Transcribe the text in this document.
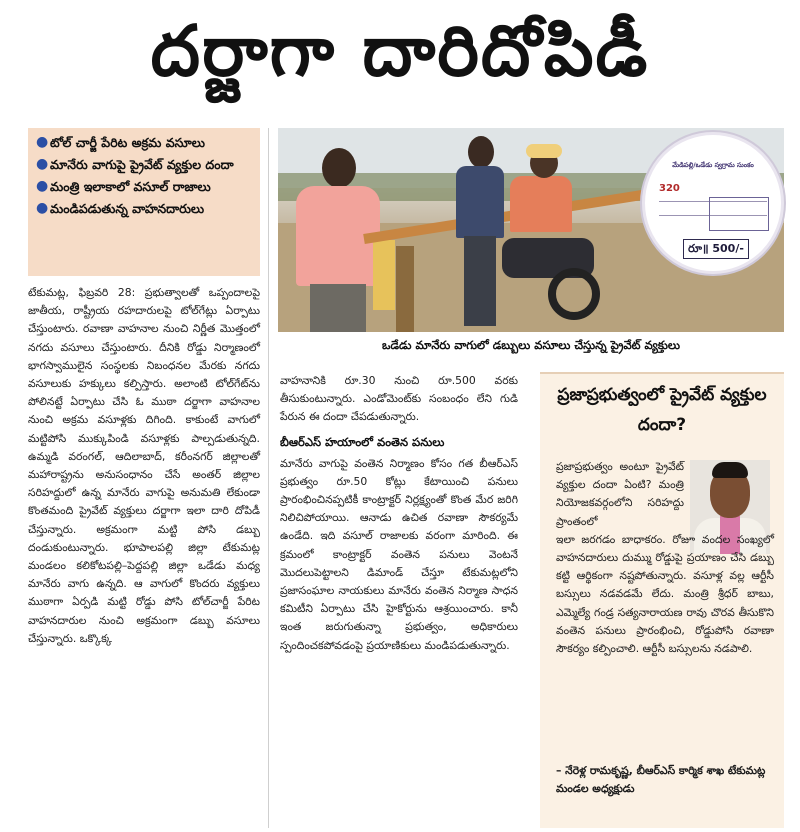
దర్జాగా దారిదోపిడీ
● టోల్ చార్జీ పేరిట అక్రమ వసూలు
● మానేరు వాగుపై ప్రైవేట్ వ్యక్తుల దందా
● మంత్రి ఇలాకాలో వసూల్ రాజాలు
● మండిపడుతున్న వాహనదారులు
మేడిపల్లి/ఒడేడు స్వగ్రామ సుంకం
320
రూ॥ 500/-
ఒడేడు మానేరు వాగులో డబ్బులు వసూలు చేస్తున్న ప్రైవేట్ వ్యక్తులు

టేకుమట్ల, ఫిబ్రవరి 28: ప్రభుత్వాలతో ఒప్పందాలపై జాతీయ, రాష్ట్రీయ రహదారులపై టోల్‌గేట్లు ఏర్పాటు చేస్తుంటారు. రవాణా వాహనాల నుంచి నిర్ణీత మొత్తంలో నగదు వసూలు చేస్తుంటారు. దీనికి రోడ్డు నిర్మాణంలో భాగస్వాములైన సంస్థలకు నిబంధనల మేరకు నగదు వసూలుకు హక్కులు కల్పిస్తారు. అలాంటి టోల్‌గేట్‌ను పోలినట్టే ఏర్పాటు చేసి ఓ ముఠా దర్జాగా వాహనాల నుంచి అక్రమ వసూళ్లకు దిగింది. కాకుంటే వాగులో మట్టిపోసి ముక్కుపిండి వసూళ్లకు పాల్పడుతున్నది. ఉమ్మడి వరంగల్, ఆదిలాబాద్, కరీంనగర్ జిల్లాలతో మహారాష్ట్రను అనుసంధానం చేసే అంతర్ జిల్లాల సరిహద్దులో ఉన్న మానేరు వాగుపై అనుమతి లేకుండా కొంతమంది ప్రైవేట్ వ్యక్తులు దర్జాగా ఇలా దారి దోపిడీ చేస్తున్నారు. అక్రమంగా మట్టి పోసి డబ్బు దండుకుంటున్నారు. భూపాలపల్లి జిల్లా టేకుమట్ల మండలం కలికోటపల్లి–పెద్దపల్లి జిల్లా ఒడేడు మధ్య మానేరు వాగు ఉన్నది. ఆ వాగులో కొందరు వ్యక్తులు ముఠాగా ఏర్పడి మట్టి రోడ్డు పోసి టోల్‌చార్జీ పేరిట వాహనదారుల నుంచి అక్రమంగా డబ్బు వసూలు చేస్తున్నారు. ఒక్కొక్క

వాహనానికి రూ.30 నుంచి రూ.500 వరకు తీసుకుంటున్నారు. ఎండోమెంట్‌కు సంబంధం లేని గుడి పేరున ఈ దందా చేపడుతున్నారు.

బీఆర్‌ఎస్ హయాంలో వంతెన పనులు

మానేరు వాగుపై వంతెన నిర్మాణం కోసం గత బీఆర్‌ఎస్ ప్రభుత్వం రూ.50 కోట్లు కేటాయించి పనులు ప్రారంభించినప్పటికీ కాంట్రాక్టర్ నిర్లక్ష్యంతో కొంత మేర జరిగి నిలిచిపోయాయి. ఆనాడు ఉచిత రవాణా సౌకర్యమే ఉండేది. ఇది వసూల్ రాజాలకు వరంగా మారింది. ఈ క్రమంలో కాంట్రాక్టర్ వంతెన పనులు వెంటనే మొదలుపెట్టాలని డిమాండ్ చేస్తూ టేకుమట్లలోని ప్రజాసంఘాల నాయకులు మానేరు వంతెన నిర్మాణ సాధన కమిటీని ఏర్పాటు చేసి హైకోర్టును ఆశ్రయించారు. కానీ ఇంత జరుగుతున్నా ప్రభుత్వం, అధికారులు స్పందించకపోవడంపై ప్రయాణికులు మండిపడుతున్నారు.

ప్రజాప్రభుత్వంలో ప్రైవేట్ వ్యక్తుల దందా?
ప్రజాప్రభుత్వం అంటూ ప్రైవేట్ వ్యక్తుల దందా ఏంటి? మంత్రి నియోజకవర్గంలోని సరిహద్దు ప్రాంతంలో
ఇలా జరగడం బాధాకరం. రోజూ వందల సంఖ్యలో వాహనదారులు దుమ్ము రోడ్డుపై ప్రయాణం చేసి డబ్బు కట్టి ఆర్థికంగా నష్టపోతున్నారు. వసూళ్ల వల్ల ఆర్టీసీ బస్సులు నడవడమే లేదు. మంత్రి శ్రీధర్ బాబు, ఎమ్మెల్యే గండ్ర సత్యనారాయణ రావు చొరవ తీసుకొని వంతెన పనులు ప్రారంభించి, రోడ్డుపోసి రవాణా సౌకర్యం కల్పించాలి. ఆర్టీసీ బస్సులను నడపాలి.
– నేరెళ్ల రామకృష్ణ, బీఆర్‌ఎస్ కార్మిక శాఖ టేకుమట్ల మండల అధ్యక్షుడు
